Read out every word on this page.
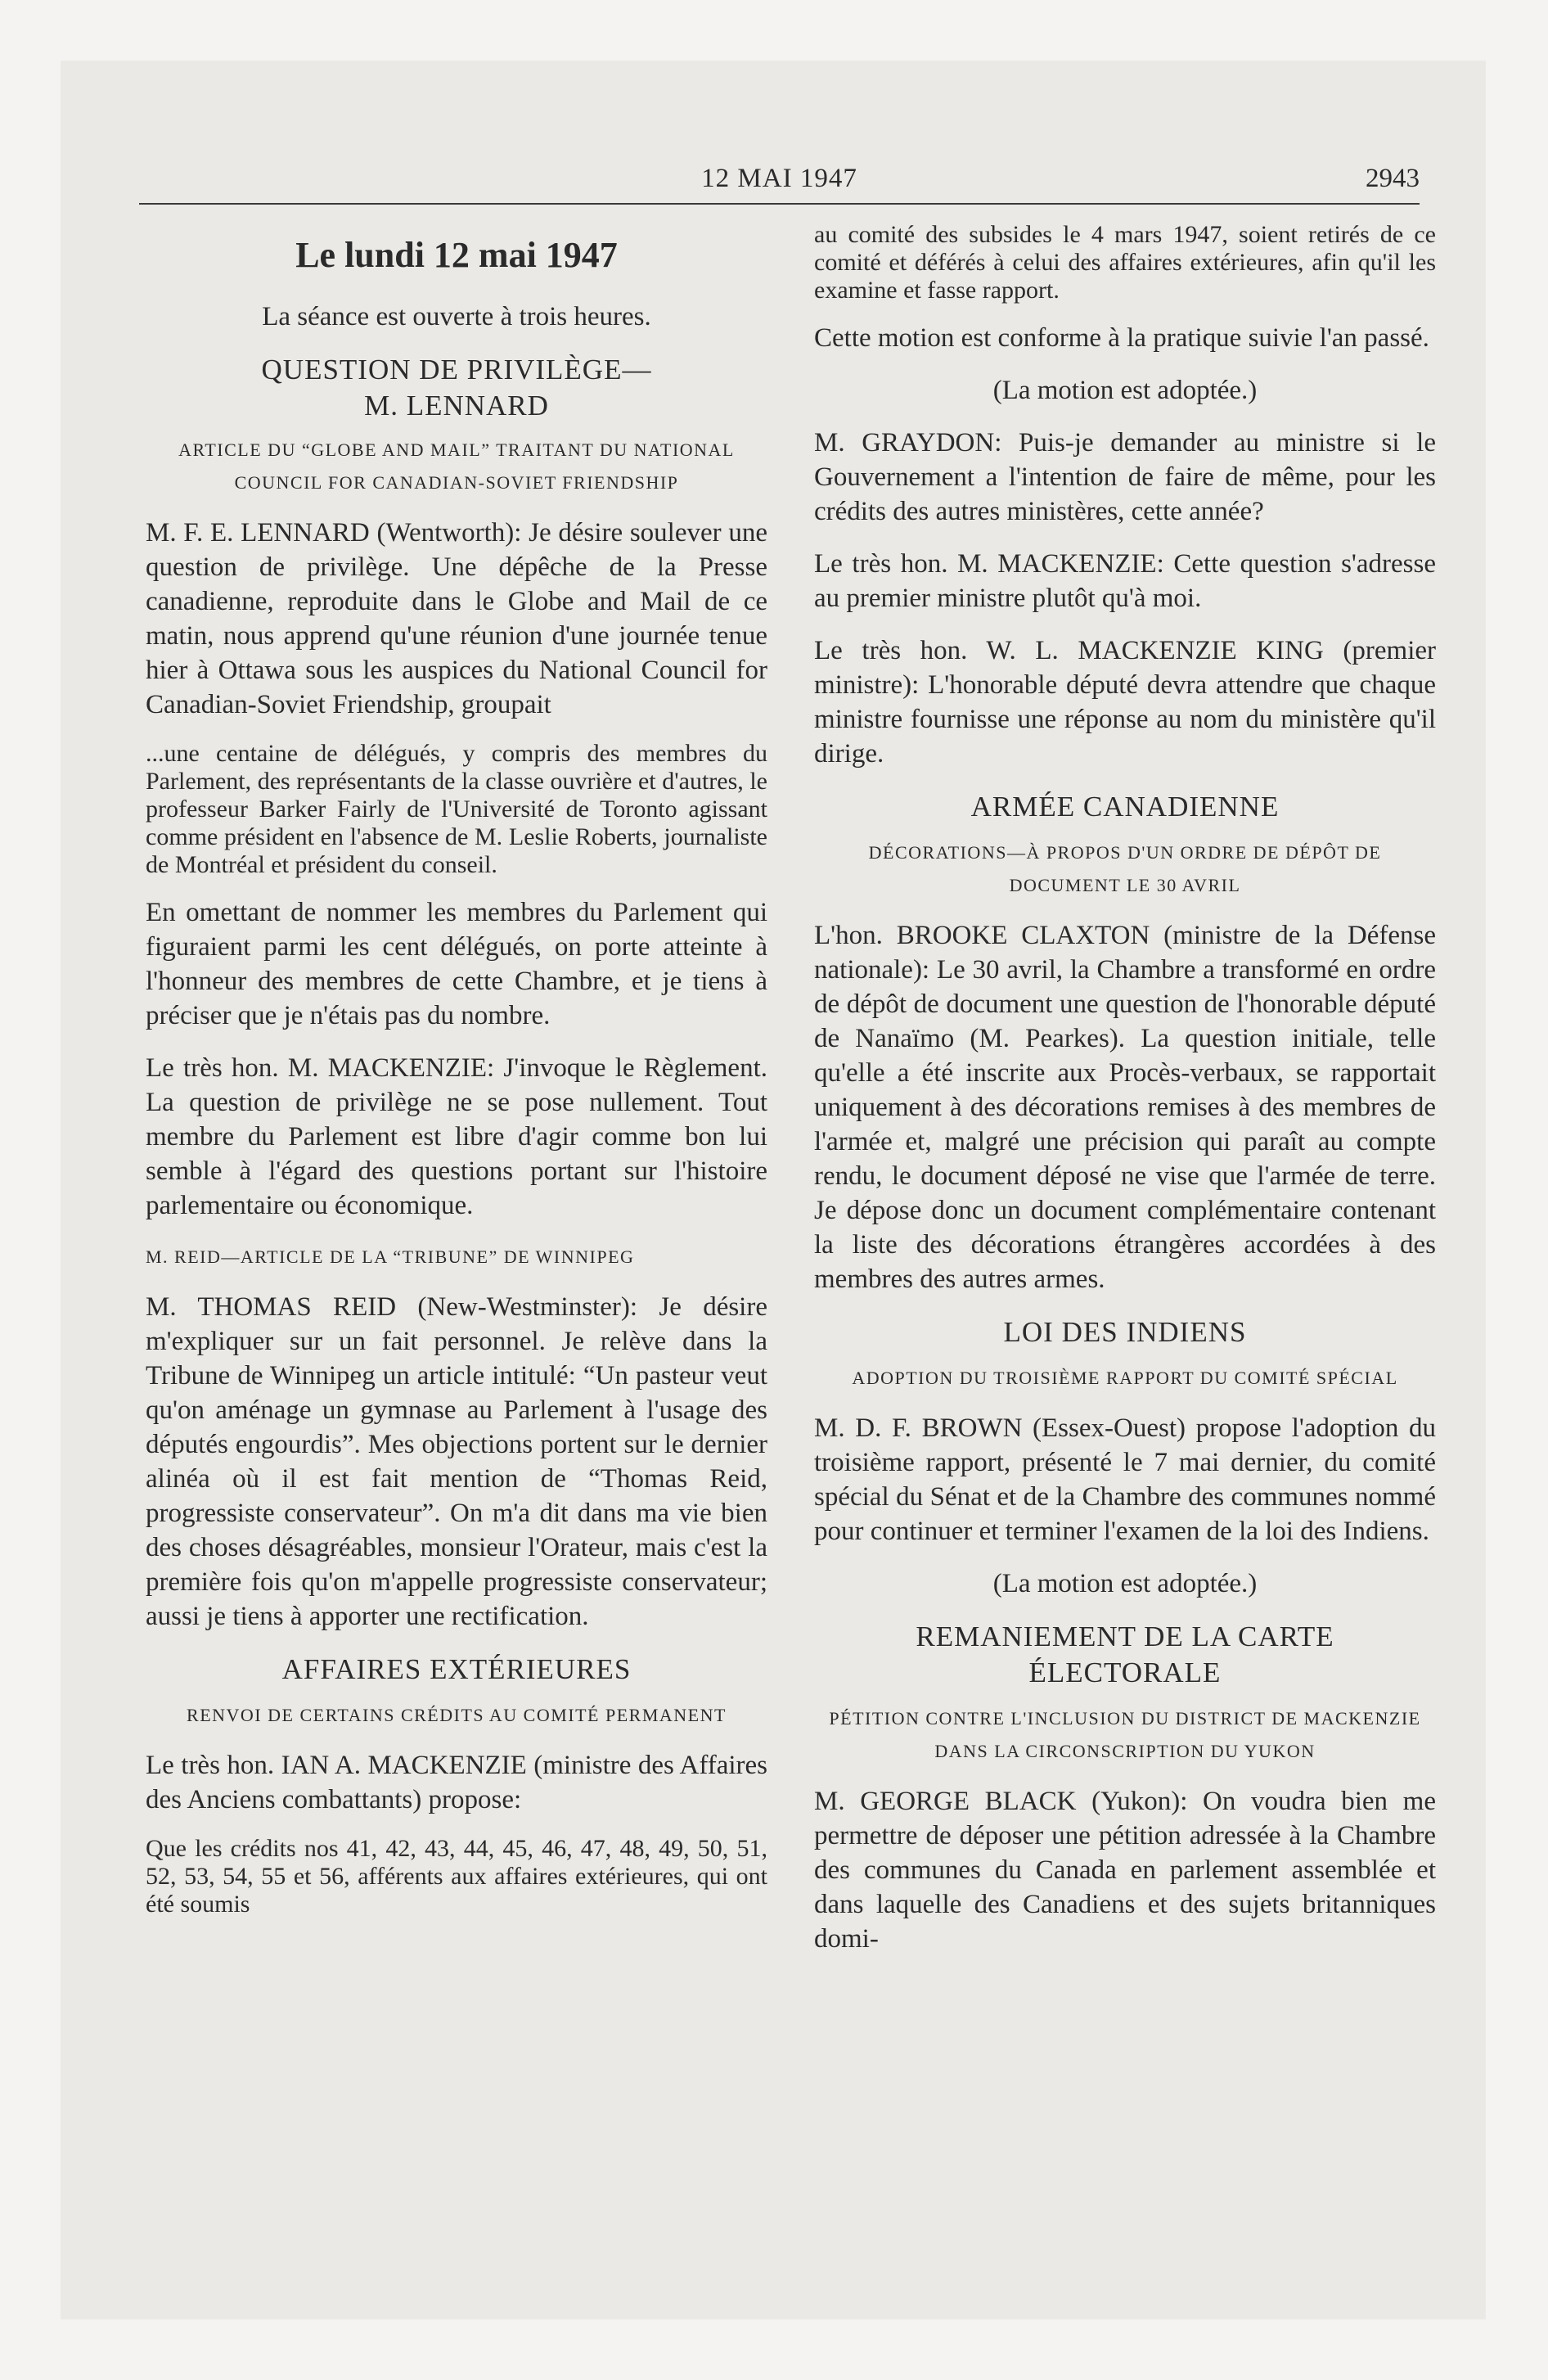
12 MAI 1947	2943
Le lundi 12 mai 1947

La séance est ouverte à trois heures.

QUESTION DE PRIVILÈGE—
M. LENNARD
ARTICLE DU “GLOBE AND MAIL” TRAITANT DU NATIONAL COUNCIL FOR CANADIAN-SOVIET FRIENDSHIP

M. F. E. LENNARD (Wentworth): Je désire soulever une question de privilège. Une dépêche de la Presse canadienne, reproduite dans le Globe and Mail de ce matin, nous apprend qu'une réunion d'une journée tenue hier à Ottawa sous les auspices du National Council for Canadian-Soviet Friendship, groupait

...une centaine de délégués, y compris des membres du Parlement, des représentants de la classe ouvrière et d'autres, le professeur Barker Fairly de l'Université de Toronto agissant comme président en l'absence de M. Leslie Roberts, journaliste de Montréal et président du conseil.

En omettant de nommer les membres du Parlement qui figuraient parmi les cent délégués, on porte atteinte à l'honneur des membres de cette Chambre, et je tiens à préciser que je n'étais pas du nombre.

Le très hon. M. MACKENZIE: J'invoque le Règlement. La question de privilège ne se pose nullement. Tout membre du Parlement est libre d'agir comme bon lui semble à l'égard des questions portant sur l'histoire parlementaire ou économique.

M. REID—ARTICLE DE LA “TRIBUNE” DE WINNIPEG

M. THOMAS REID (New-Westminster): Je désire m'expliquer sur un fait personnel. Je relève dans la Tribune de Winnipeg un article intitulé: “Un pasteur veut qu'on aménage un gymnase au Parlement à l'usage des députés engourdis”. Mes objections portent sur le dernier alinéa où il est fait mention de “Thomas Reid, progressiste conservateur”. On m'a dit dans ma vie bien des choses désagréables, monsieur l'Orateur, mais c'est la première fois qu'on m'appelle progressiste conservateur; aussi je tiens à apporter une rectification.

AFFAIRES EXTÉRIEURES
RENVOI DE CERTAINS CRÉDITS AU COMITÉ PERMANENT

Le très hon. IAN A. MACKENZIE (ministre des Affaires des Anciens combattants) propose:

Que les crédits nos 41, 42, 43, 44, 45, 46, 47, 48, 49, 50, 51, 52, 53, 54, 55 et 56, afférents aux affaires extérieures, qui ont été soumis

au comité des subsides le 4 mars 1947, soient retirés de ce comité et déférés à celui des affaires extérieures, afin qu'il les examine et fasse rapport.

Cette motion est conforme à la pratique suivie l'an passé.

(La motion est adoptée.)

M. GRAYDON: Puis-je demander au ministre si le Gouvernement a l'intention de faire de même, pour les crédits des autres ministères, cette année?

Le très hon. M. MACKENZIE: Cette question s'adresse au premier ministre plutôt qu'à moi.

Le très hon. W. L. MACKENZIE KING (premier ministre): L'honorable député devra attendre que chaque ministre fournisse une réponse au nom du ministère qu'il dirige.

ARMÉE CANADIENNE
DÉCORATIONS—À PROPOS D'UN ORDRE DE DÉPÔT DE DOCUMENT LE 30 AVRIL

L'hon. BROOKE CLAXTON (ministre de la Défense nationale): Le 30 avril, la Chambre a transformé en ordre de dépôt de document une question de l'honorable député de Nanaïmo (M. Pearkes). La question initiale, telle qu'elle a été inscrite aux Procès-verbaux, se rapportait uniquement à des décorations remises à des membres de l'armée et, malgré une précision qui paraît au compte rendu, le document déposé ne vise que l'armée de terre. Je dépose donc un document complémentaire contenant la liste des décorations étrangères accordées à des membres des autres armes.

LOI DES INDIENS
ADOPTION DU TROISIÈME RAPPORT DU COMITÉ SPÉCIAL

M. D. F. BROWN (Essex-Ouest) propose l'adoption du troisième rapport, présenté le 7 mai dernier, du comité spécial du Sénat et de la Chambre des communes nommé pour continuer et terminer l'examen de la loi des Indiens.

(La motion est adoptée.)

REMANIEMENT DE LA CARTE
ÉLECTORALE
PÉTITION CONTRE L'INCLUSION DU DISTRICT DE MACKENZIE DANS LA CIRCONSCRIPTION DU YUKON

M. GEORGE BLACK (Yukon): On voudra bien me permettre de déposer une pétition adressée à la Chambre des communes du Canada en parlement assemblée et dans laquelle des Canadiens et des sujets britanniques domi-
